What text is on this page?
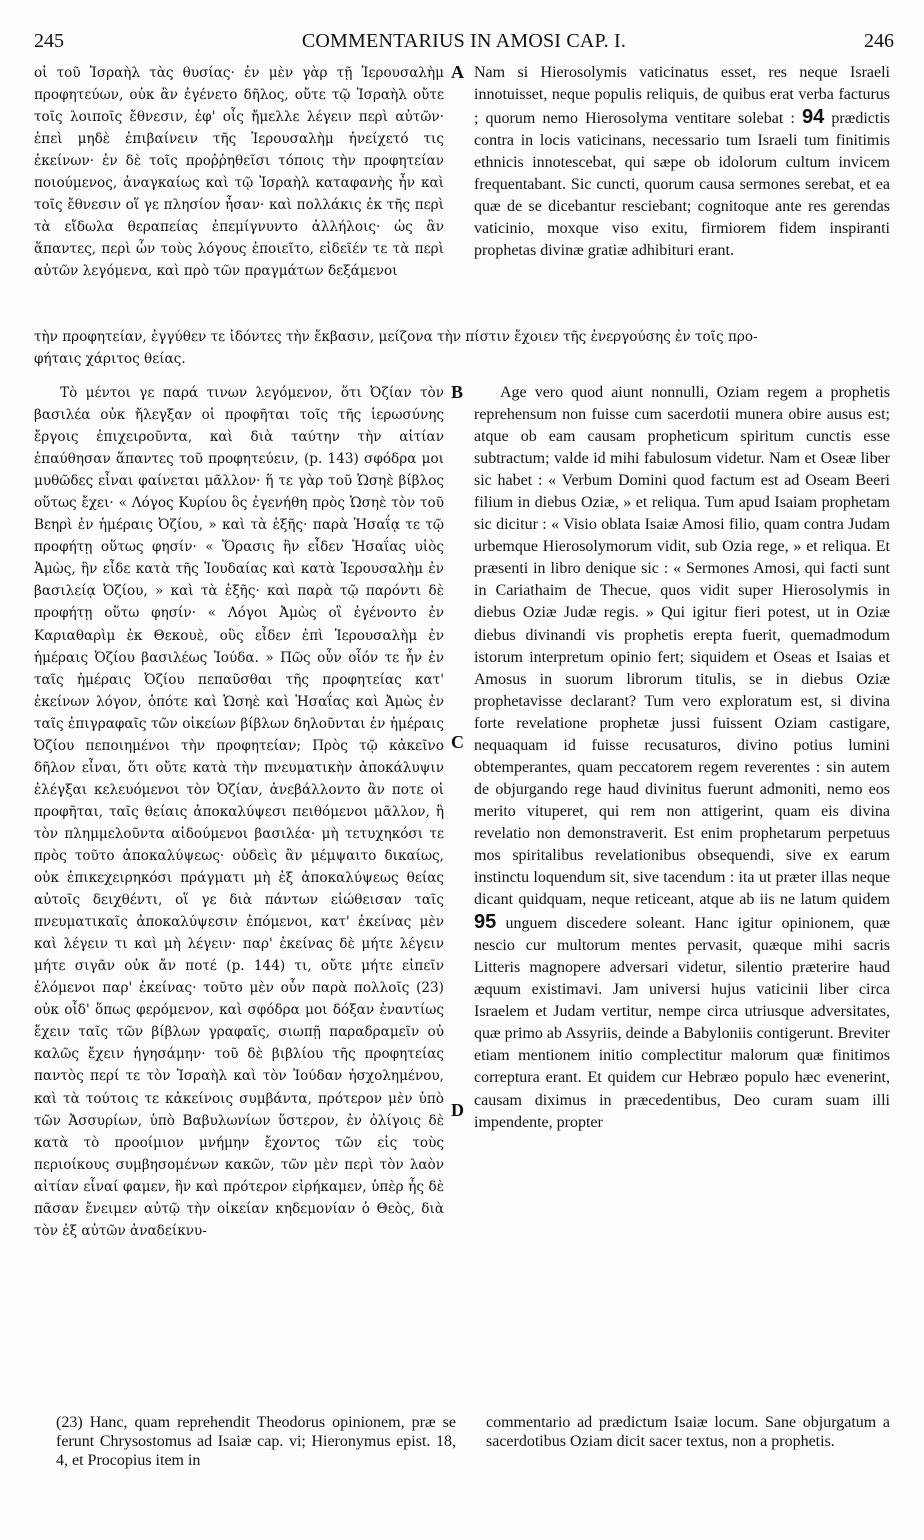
245	COMMENTARIUS IN AMOSI CAP. I.	246

οἱ τοῦ Ἰσραὴλ τὰς θυσίας· ἐν μὲν γὰρ τῇ Ἱερουσαλὴμ προφητεύων, οὐκ ἂν ἐγένετο δῆλος, οὔτε τῷ Ἰσραὴλ οὔτε τοῖς λοιποῖς ἔθνεσιν, ἐφ' οἷς ἤμελλε λέγειν περὶ αὐτῶν· ἐπεὶ μηδὲ ἐπιβαίνειν τῆς Ἱερουσαλὴμ ἠνείχετό τις ἐκείνων· ἐν δὲ τοῖς προῤῥηθεῖσι τόποις τὴν προφητείαν ποιούμενος, ἀναγκαίως καὶ τῷ Ἰσραὴλ καταφανὴς ἦν καὶ τοῖς ἔθνεσιν οἵ γε πλησίον ἦσαν· καὶ πολλάκις ἐκ τῆς περὶ τὰ εἴδωλα θεραπείας ἐπεμίγνυντο ἀλλήλοις· ὡς ἂν ἅπαντες, περὶ ὧν τοὺς λόγους ἐποιεῖτο, εἰδεῖέν τε τὰ περὶ αὐτῶν λεγόμενα, καὶ πρὸ τῶν πραγμάτων δεξάμενοι

A Nam si Hierosolymis vaticinatus esset, res neque Israeli innotuisset, neque populis reliquis, de quibus erat verba facturus ; quorum nemo Hierosolyma ventitare solebat : 94 prædictis contra in locis vaticinans, necessario tum Israeli tum finitimis ethnicis innotescebat, qui sæpe ob idolorum cultum invicem frequentabant. Sic cuncti, quorum causa sermones serebat, et ea quæ de se dicebantur resciebant; cognitoque ante res gerendas vaticinio, moxque viso exitu, firmiorem fidem inspiranti prophetas divinæ gratiæ adhibituri erant.

τὴν προφητείαν, ἐγγύθεν τε ἰδόντες τὴν ἔκβασιν, μείζονα τὴν πίστιν ἔχοιεν τῆς ἐνεργούσης ἐν τοῖς προ-
φήταις χάριτος θείας.

Τὸ μέντοι γε παρά τινων λεγόμενον, ὅτι Ὀζίαν τὸν βασιλέα οὐκ ἤλεγξαν οἱ προφῆται τοῖς τῆς ἱερωσύνης ἔργοις ἐπιχειροῦντα, καὶ διὰ ταύτην τὴν αἰτίαν ἐπαύθησαν ἅπαντες τοῦ προφητεύειν, (p. 143) σφόδρα μοι μυθῶδες εἶναι φαίνεται μᾶλλον· ἥ τε γὰρ τοῦ Ὡσηὲ βίβλος οὕτως ἔχει· « Λόγος Κυρίου ὃς ἐγενήθη πρὸς Ὡσηὲ τὸν τοῦ Βεηρὶ ἐν ἡμέραις Ὀζίου, » καὶ τὰ ἑξῆς· παρὰ Ἡσαΐᾳ τε τῷ προφήτῃ οὕτως φησίν· « Ὅρασις ἣν εἶδεν Ἡσαΐας υἱὸς Ἀμὼς, ἣν εἶδε κατὰ τῆς Ἰουδαίας καὶ κατὰ Ἱερουσαλὴμ ἐν βασιλείᾳ Ὀζίου, » καὶ τὰ ἑξῆς· καὶ παρὰ τῷ παρόντι δὲ προφήτῃ οὕτω φησίν· « Λόγοι Ἀμὼς οἳ ἐγένοντο ἐν Καριαθαρὶμ ἐκ Θεκουὲ, οὓς εἶδεν ἐπὶ Ἱερουσαλὴμ ἐν ἡμέραις Ὀζίου βασιλέως Ἰούδα. » Πῶς οὖν οἷόν τε ἦν ἐν ταῖς ἡμέραις Ὀζίου πεπαῦσθαι τῆς προφητείας κατ' ἐκείνων λόγον, ὁπότε καὶ Ὡσηὲ καὶ Ἡσαΐας καὶ Ἀμὼς ἐν ταῖς ἐπιγραφαῖς τῶν οἰκείων βίβλων δηλοῦνται ἐν ἡμέραις Ὀζίου πεποιημένοι τὴν προφητείαν; Πρὸς τῷ κἀκεῖνο δῆλον εἶναι, ὅτι οὔτε κατὰ τὴν πνευματικὴν ἀποκάλυψιν ἐλέγξαι κελευόμενοι τὸν Ὀζίαν, ἀνεβάλλοντο ἂν ποτε οἱ προφῆται, ταῖς θείαις ἀποκαλύψεσι πειθόμενοι μᾶλλον, ἢ τὸν πλημμελοῦντα αἰδούμενοι βασιλέα· μὴ τετυχηκόσι τε πρὸς τοῦτο ἀποκαλύψεως· οὐδεὶς ἂν μέμψαιτο δικαίως, οὐκ ἐπικεχειρηκόσι πράγματι μὴ ἐξ ἀποκαλύψεως θείας αὐτοῖς δειχθέντι, οἵ γε διὰ πάντων εἰώθεισαν ταῖς πνευματικαῖς ἀποκαλύψεσιν ἑπόμενοι, κατ' ἐκείνας μὲν καὶ λέγειν τι καὶ μὴ λέγειν· παρ' ἐκείνας δὲ μήτε λέγειν μήτε σιγᾶν οὐκ ἄν ποτέ (p. 144) τι, οὔτε μήτε εἰπεῖν ἑλόμενοι παρ' ἐκείνας· τοῦτο μὲν οὖν παρὰ πολλοῖς (23) οὐκ οἶδ' ὅπως φερόμενον, καὶ σφόδρα μοι δόξαν ἐναντίως ἔχειν ταῖς τῶν βίβλων γραφαῖς, σιωπῇ παραδραμεῖν οὐ καλῶς ἔχειν ἡγησάμην· τοῦ δὲ βιβλίου τῆς προφητείας παντὸς περί τε τὸν Ἰσραὴλ καὶ τὸν Ἰούδαν ἠσχολημένου, καὶ τὰ τούτοις τε κἀκείνοις συμβάντα, πρότερον μὲν ὑπὸ τῶν Ἀσσυρίων, ὑπὸ Βαβυλωνίων ὕστερον, ἐν ὀλίγοις δὲ κατὰ τὸ προοίμιον μνήμην ἔχοντος τῶν εἰς τοὺς περιοίκους συμβησομένων κακῶν, τῶν μὲν περὶ τὸν λαὸν αἰτίαν εἶναί φαμεν, ἣν καὶ πρότερον εἰρήκαμεν, ὑπὲρ ἧς δὲ πᾶσαν ἔνειμεν αὐτῷ τὴν οἰκείαν κηδεμονίαν ὁ Θεὸς, διὰ τὸν ἐξ αὐτῶν ἀναδείκνυ-

B
C
D

Age vero quod aiunt nonnulli, Oziam regem a prophetis reprehensum non fuisse cum sacerdotii munera obire ausus est; atque ob eam causam propheticum spiritum cunctis esse subtractum; valde id mihi fabulosum videtur. Nam et Oseæ liber sic habet : « Verbum Domini quod factum est ad Oseam Beeri filium in diebus Oziæ, » et reliqua. Tum apud Isaiam prophetam sic dicitur : « Visio oblata Isaiæ Amosi filio, quam contra Judam urbemque Hierosolymorum vidit, sub Ozia rege, » et reliqua. Et præsenti in libro denique sic : « Sermones Amosi, qui facti sunt in Cariathaim de Thecue, quos vidit super Hierosolymis in diebus Oziæ Judæ regis. » Qui igitur fieri potest, ut in Oziæ diebus divinandi vis prophetis erepta fuerit, quemadmodum istorum interpretum opinio fert; siquidem et Oseas et Isaias et Amosus in suorum librorum titulis, se in diebus Oziæ prophetavisse declarant? Tum vero exploratum est, si divina forte revelatione prophetæ jussi fuissent Oziam castigare, nequaquam id fuisse recusaturos, divino potius lumini obtemperantes, quam peccatorem regem reverentes : sin autem de objurgando rege haud divinitus fuerunt admoniti, nemo eos merito vituperet, qui rem non attigerint, quam eis divina revelatio non demonstraverit. Est enim prophetarum perpetuus mos spiritalibus revelationibus obsequendi, sive ex earum instinctu loquendum sit, sive tacendum : ita ut præter illas neque dicant quidquam, neque reticeant, atque ab iis ne latum quidem 95 unguem discedere soleant. Hanc igitur opinionem, quæ nescio cur multorum mentes pervasit, quæque mihi sacris Litteris magnopere adversari videtur, silentio præterire haud æquum existimavi. Jam universi hujus vaticinii liber circa Israelem et Judam vertitur, nempe circa utriusque adversitates, quæ primo ab Assyriis, deinde a Babyloniis contigerunt. Breviter etiam mentionem initio complectitur malorum quæ finitimos correptura erant. Et quidem cur Hebræo populo hæc evenerint, causam diximus in præcedentibus, Deo curam suam illi impendente, propter

(23) Hanc, quam reprehendit Theodorus opinionem, præ se ferunt Chrysostomus ad Isaiæ cap. vi; Hieronymus epist. 18, 4, et Procopius item in
commentario ad prædictum Isaiæ locum. Sane objurgatum a sacerdotibus Oziam dicit sacer textus, non a prophetis.
